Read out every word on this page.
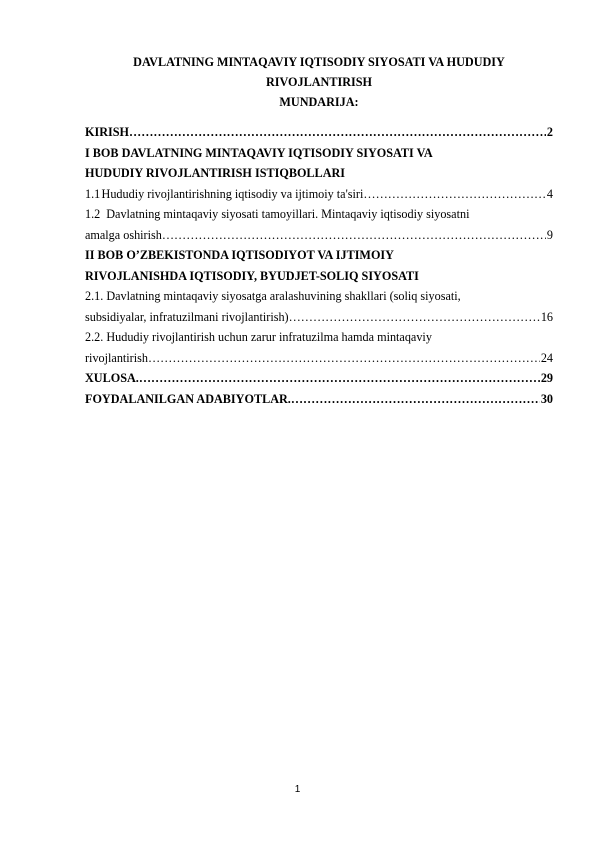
DAVLATNING MINTAQAVIY IQTISODIY SIYOSATI VA HUDUDIY
RIVOJLANTIRISH
MUNDARIJA:
KIRISH …………………………………………………………………………………………………………………………………………………………………………………………	2
I BOB DAVLATNING MINTAQAVIY IQTISODIY SIYOSATI VA
HUDUDIY RIVOJLANTIRISH ISTIQBOLLARI
1.1 Hududiy rivojlantirishning iqtisodiy va ijtimoiy ta'siri …………………………………………………………………………………………………………………………………………………………………………………………	4
1.2 Davlatning mintaqaviy siyosati tamoyillari. Mintaqaviy iqtisodiy siyosatni
amalga oshirish …………………………………………………………………………………………………………………………………………………………………………………………	9
II BOB O’ZBEKISTONDA IQTISODIYOT VA IJTIMOIY
RIVOJLANISHDA IQTISODIY, BYUDJET-SOLIQ SIYOSATI
2.1. Davlatning mintaqaviy siyosatga aralashuvining shakllari (soliq siyosati,
subsidiyalar, infratuzilmani rivojlantirish) …………………………………………………………………………………………………………………………………………………………………………………………	16
2.2. Hududiy rivojlantirish uchun zarur infratuzilma hamda mintaqaviy
rivojlantirish …………………………………………………………………………………………………………………………………………………………………………………………	24
XULOSA. …………………………………………………………………………………………………………………………………………………………………………………………	29
FOYDALANILGAN ADABIYOTLAR. …………………………………………………………………………………………………………………………………………………………………………………………	30
1
